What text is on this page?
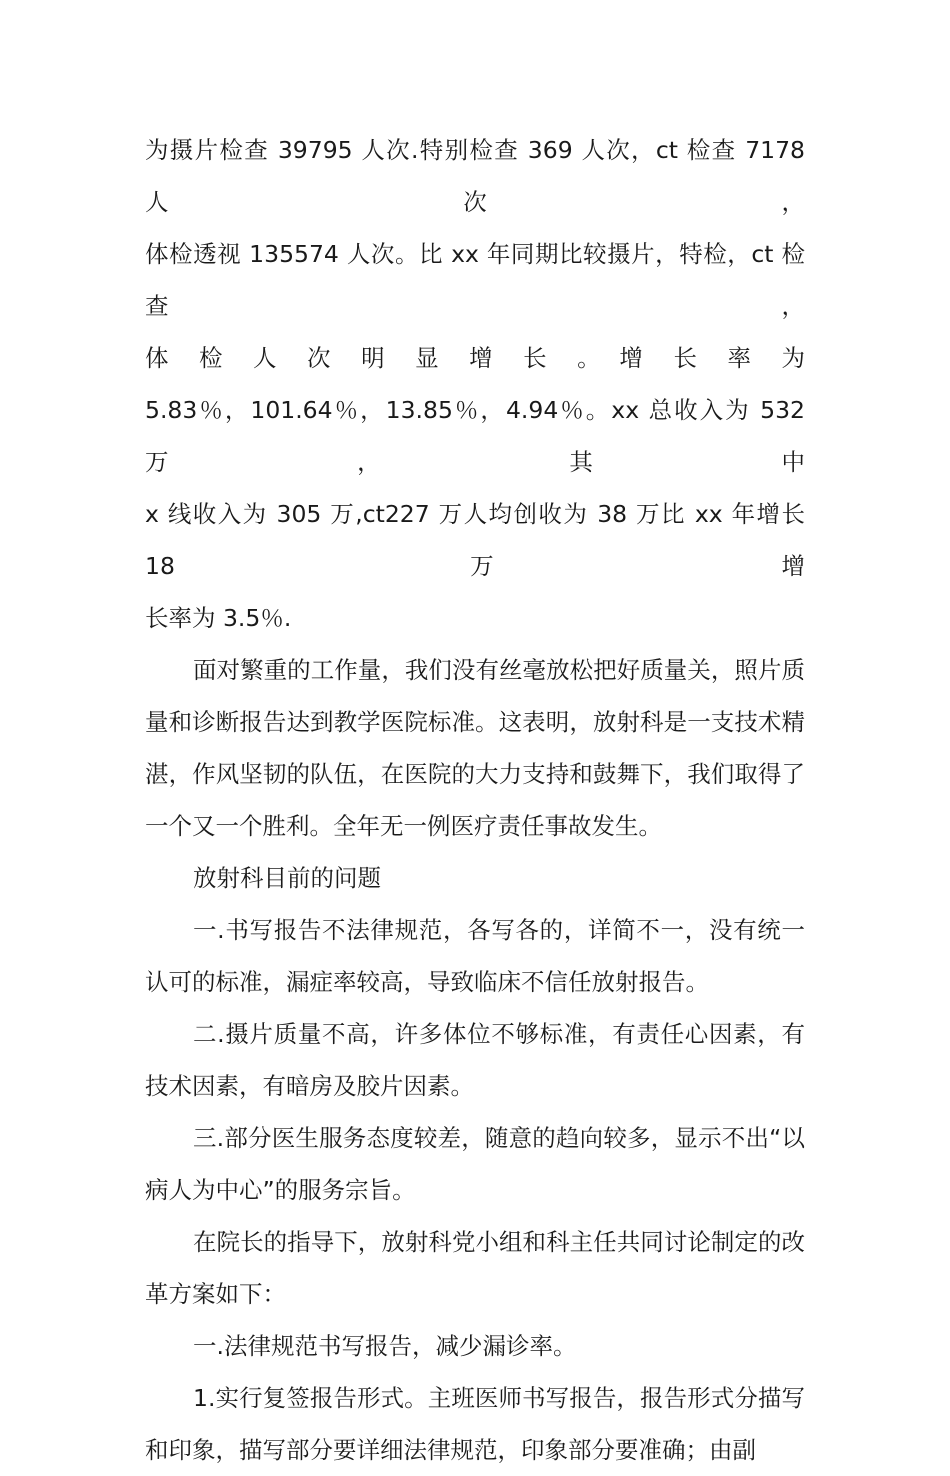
为摄片检查 39795 人次.特别检查 369 人次，ct 检查 7178 人次，
体检透视 135574 人次。比 xx 年同期比较摄片，特检，ct 检查，
体　检　人　次　明　显　增　长　。　增　长　率　为
5.83％，101.64％，13.85％，4.94％。xx 总收入为 532 万，其中
x 线收入为 305 万,ct227 万人均创收为 38 万比 xx 年增长 18 万增
长率为 3.5％.

面对繁重的工作量，我们没有丝毫放松把好质量关，照片质量和诊断报告达到教学医院标准。这表明，放射科是一支技术精湛，作风坚韧的队伍，在医院的大力支持和鼓舞下，我们取得了一个又一个胜利。全年无一例医疗责任事故发生。

放射科目前的问题

一.书写报告不法律规范，各写各的，详简不一，没有统一认可的标准，漏症率较高，导致临床不信任放射报告。

二.摄片质量不高，许多体位不够标准，有责任心因素，有技术因素，有暗房及胶片因素。

三.部分医生服务态度较差，随意的趋向较多，显示不出“以病人为中心”的服务宗旨。

在院长的指导下，放射科党小组和科主任共同讨论制定的改革方案如下：

一.法律规范书写报告，减少漏诊率。

1.实行复签报告形式。主班医师书写报告，报告形式分描写和印象，描写部分要详细法律规范，印象部分要准确；由副
